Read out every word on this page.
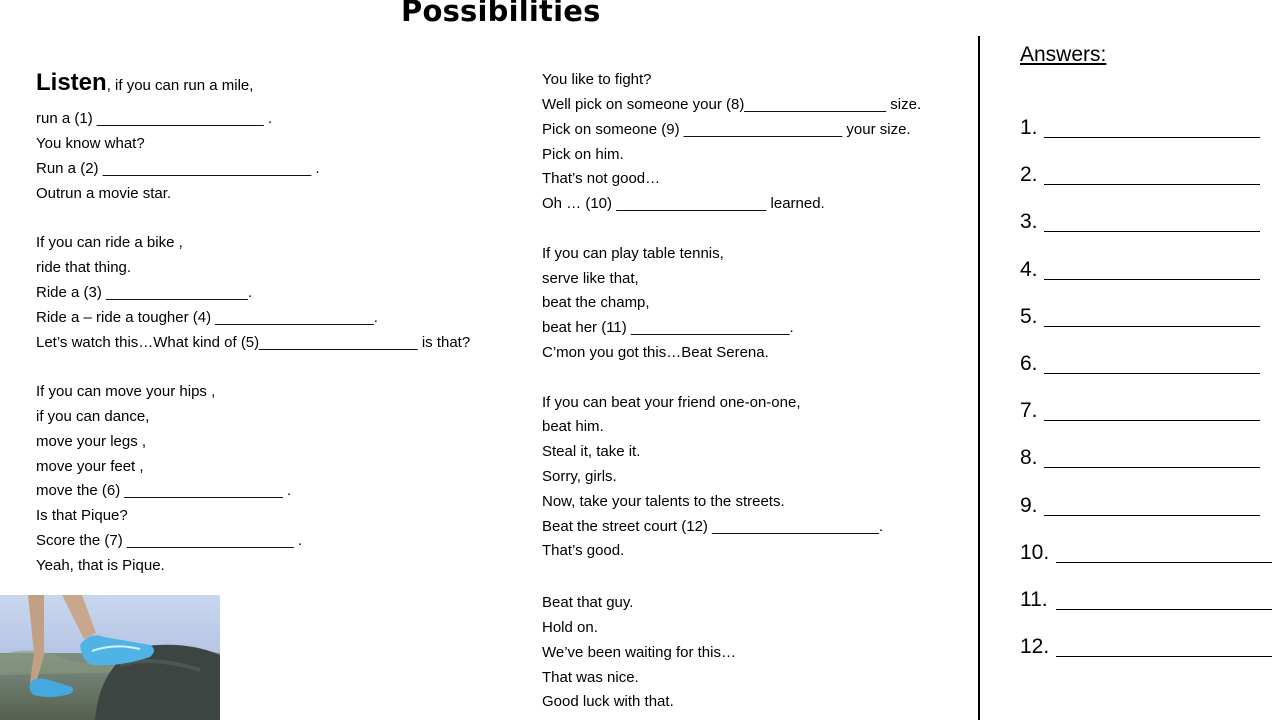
Possibilities
Listen, if you can run a mile,
run a (1) ____________________ .
You know what?
Run a (2) _________________________ .
Outrun a movie star.
If you can ride a bike ,
ride that thing.
Ride a (3) _________________.
Ride a – ride a tougher (4) ___________________.
Let’s watch this…What kind of (5)___________________ is that?
If you can move your hips ,
if you can dance,
move your legs ,
move your feet ,
move the (6) ___________________ .
Is that Pique?
Score the (7) ____________________ .
Yeah, that is Pique.
You like to fight?
Well pick on someone your (8)_________________ size.
Pick on someone (9) ___________________ your size.
Pick on him.
That’s not good…
Oh … (10) __________________ learned.
If you can play table tennis,
serve like that,
beat the champ,
beat her (11) ___________________.
C’mon you got this…Beat Serena.
If you can beat your friend one-on-one,
beat him.
Steal it, take it.
Sorry, girls.
Now, take your talents to the streets.
Beat the street court (12) ____________________.
That’s good.
Beat that guy.
Hold on.
We’ve been waiting for this…
That was nice.
Good luck with that.
Answers:
1.
2.
3.
4.
5.
6.
7.
8.
9.
10.
11.
12.
